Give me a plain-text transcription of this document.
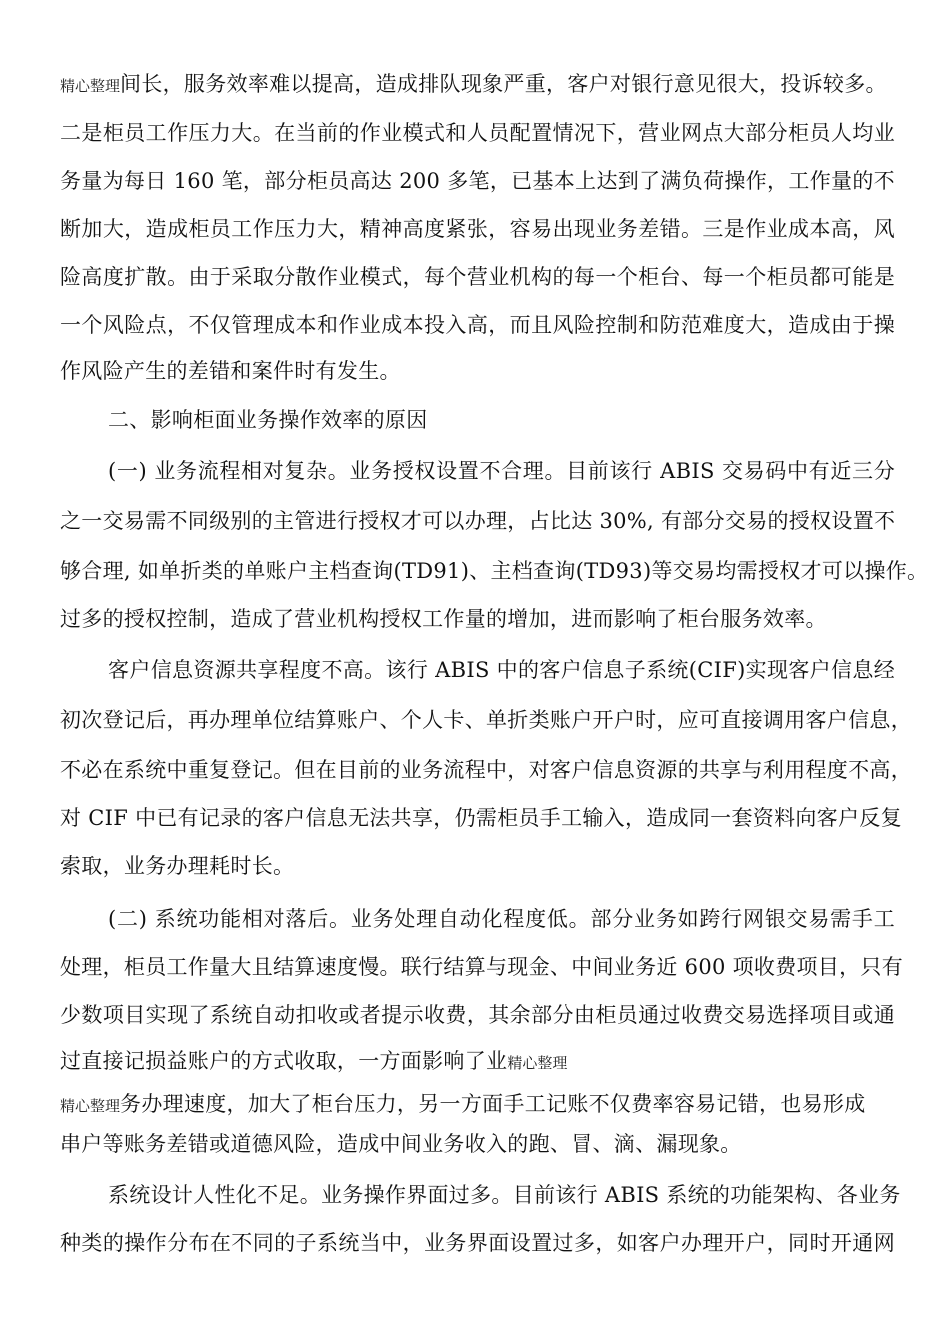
精心整理间长，服务效率难以提高，造成排队现象严重，客户对银行意见很大，投诉较多。
二是柜员工作压力大。在当前的作业模式和人员配置情况下，营业网点大部分柜员人均业
务量为每日 160 笔，部分柜员高达 200 多笔，已基本上达到了满负荷操作，工作量的不
断加大，造成柜员工作压力大，精神高度紧张，容易出现业务差错。三是作业成本高，风
险高度扩散。由于采取分散作业模式，每个营业机构的每一个柜台、每一个柜员都可能是
一个风险点，不仅管理成本和作业成本投入高，而且风险控制和防范难度大，造成由于操
作风险产生的差错和案件时有发生。
二、影响柜面业务操作效率的原因
(一) 业务流程相对复杂。业务授权设置不合理。目前该行 ABIS 交易码中有近三分
之一交易需不同级别的主管进行授权才可以办理，占比达 30%, 有部分交易的授权设置不
够合理, 如单折类的单账户主档查询(TD91)、主档查询(TD93)等交易均需授权才可以操作。
过多的授权控制，造成了营业机构授权工作量的增加，进而影响了柜台服务效率。
客户信息资源共享程度不高。该行 ABIS 中的客户信息子系统(CIF)实现客户信息经
初次登记后，再办理单位结算账户、个人卡、单折类账户开户时，应可直接调用客户信息，
不必在系统中重复登记。但在目前的业务流程中，对客户信息资源的共享与利用程度不高，
对 CIF 中已有记录的客户信息无法共享，仍需柜员手工输入，造成同一套资料向客户反复
索取，业务办理耗时长。
(二) 系统功能相对落后。业务处理自动化程度低。部分业务如跨行网银交易需手工
处理，柜员工作量大且结算速度慢。联行结算与现金、中间业务近 600 项收费项目，只有
少数项目实现了系统自动扣收或者提示收费，其余部分由柜员通过收费交易选择项目或通
过直接记损益账户的方式收取，一方面影响了业精心整理
精心整理务办理速度，加大了柜台压力，另一方面手工记账不仅费率容易记错，也易形成
串户等账务差错或道德风险，造成中间业务收入的跑、冒、滴、漏现象。
系统设计人性化不足。业务操作界面过多。目前该行 ABIS 系统的功能架构、各业务
种类的操作分布在不同的子系统当中，业务界面设置过多，如客户办理开户，同时开通网
